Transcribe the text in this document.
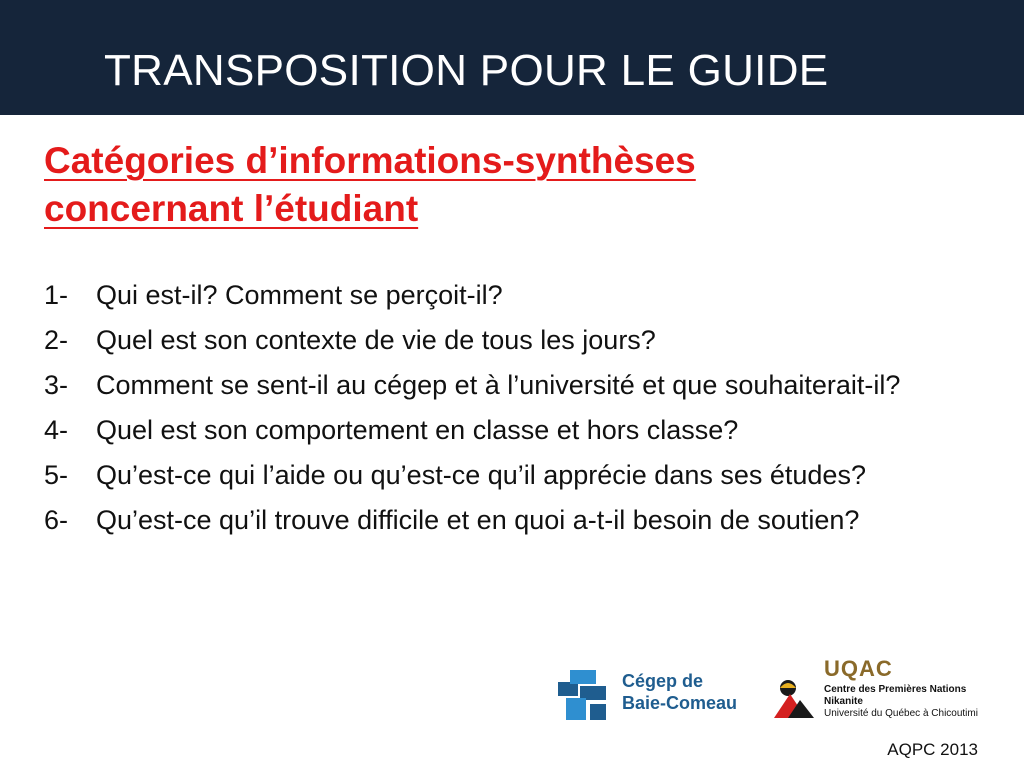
TRANSPOSITION POUR LE GUIDE
Catégories d’informations-synthèses
concernant l’étudiant
1-	Qui est-il? Comment se perçoit-il?
2-	Quel est son contexte de vie de tous les jours?
3-	Comment se sent-il au cégep et à l’université et que souhaiterait-il?
4-	Quel est son comportement en classe et hors classe?
5-	Qu’est-ce qui l’aide ou qu’est-ce qu’il apprécie dans ses études?
6-	Qu’est-ce qu’il trouve difficile et en quoi a-t-il besoin de soutien?
Cégep de
Baie-Comeau
UQAC
Centre des Premières Nations
Nikanite
Université du Québec à Chicoutimi
AQPC 2013
